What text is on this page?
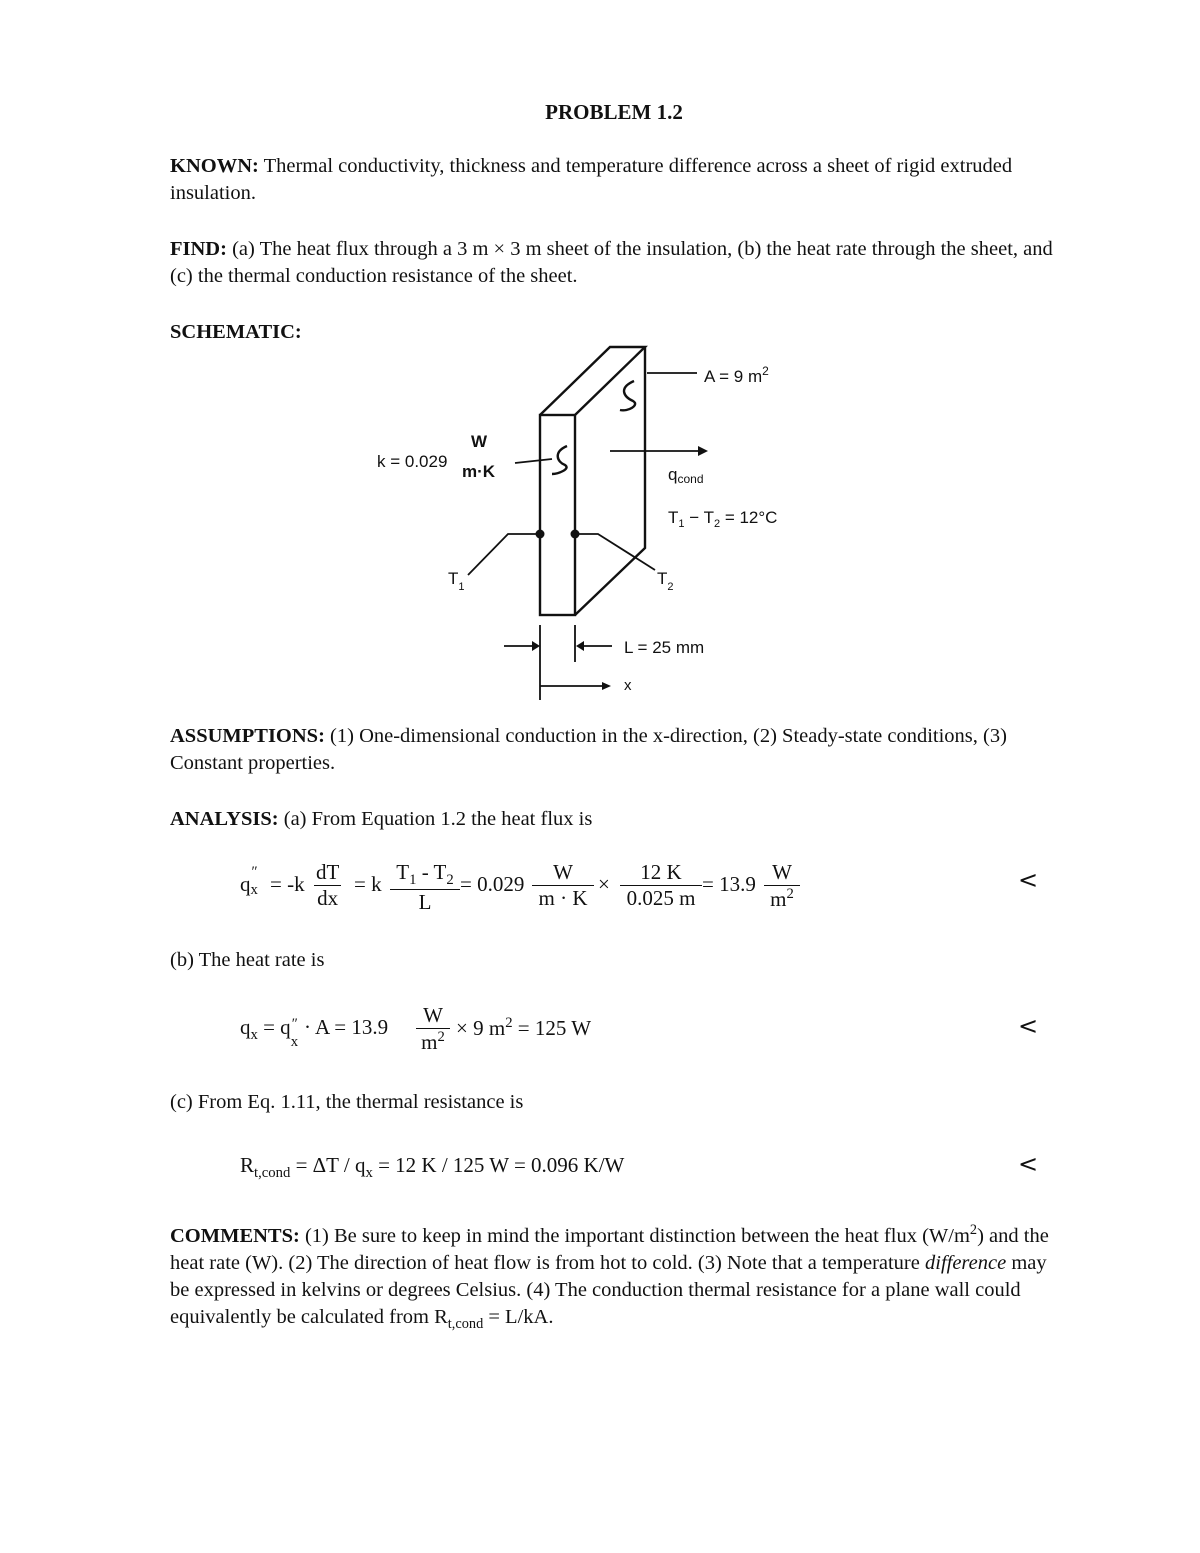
PROBLEM 1.2
KNOWN: Thermal conductivity, thickness and temperature difference across a sheet of rigid extruded insulation.
FIND: (a) The heat flux through a 3 m × 3 m sheet of the insulation, (b) the heat rate through the sheet, and (c) the thermal conduction resistance of the sheet.
SCHEMATIC:
A = 9 $m^2$
k = 0.029
W
m·K	qcond
$T_1 - T_2 = 12^\circ C$
$T_1$	$T_2$
L = 25 mm
x
ASSUMPTIONS: (1) One-dimensional conduction in the x-direction, (2) Steady-state conditions, (3) Constant properties.
ANALYSIS: (a) From Equation 1.2 the heat flux is
q ″
x = -k dT
dx
= k $T_1 - T_2$
L
= 0.029	W
m · K
×	12 K
0.025 m
= 13.9 W
$m^2$	<
(b) The heat rate is
$q_x = q$ ″
x
· A = 13.9	W
$m^2 \times 9$ $m^2 = 125$ W	<
(c) From Eq. 1.11, the thermal resistance is
$R_{t,cond} = \Delta T / q_x = 12$ K / 125 W = 0.096 K/W	<
COMMENTS: (1) Be sure to keep in mind the important distinction between the heat flux $(W/m^2)$ and the heat rate (W). (2) The direction of heat flow is from hot to cold. (3) Note that a temperature difference may be expressed in kelvins or degrees Celsius. (4) The conduction thermal resistance for a plane wall could equivalently be calculated from $R_{t,cond} = L/kA$.
